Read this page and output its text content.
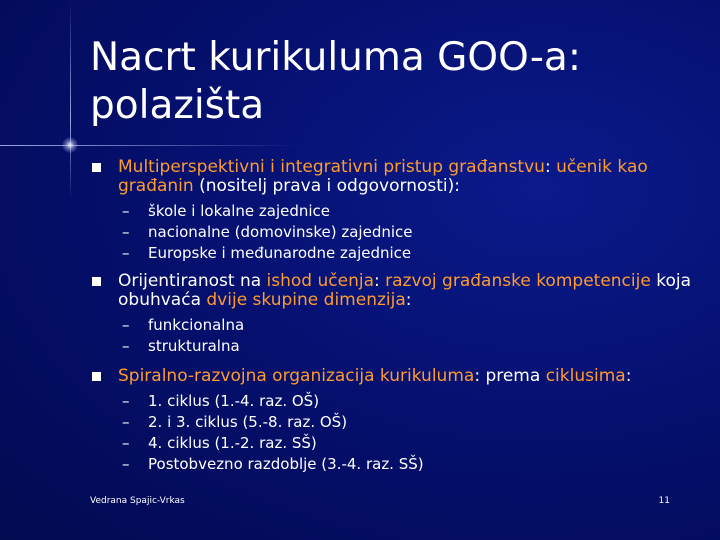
Nacrt kurikuluma GOO-a:
polazišta
Multiperspektivni i integrativni pristup građanstvu: učenik kao građanin (nositelj prava i odgovornosti):
– škole i lokalne zajednice
– nacionalne (domovinske) zajednice
– Europske i međunarodne zajednice
Orijentiranost na ishod učenja: razvoj građanske kompetencije koja obuhvaća dvije skupine dimenzija:
– funkcionalna
– strukturalna
Spiralno-razvojna organizacija kurikuluma: prema ciklusima:
– 1. ciklus (1.-4. raz. OŠ)
– 2. i 3. ciklus (5.-8. raz. OŠ)
– 4. ciklus (1.-2. raz. SŠ)
– Postobvezno razdoblje (3.-4. raz. SŠ)
Vedrana Spajic-Vrkas	11
